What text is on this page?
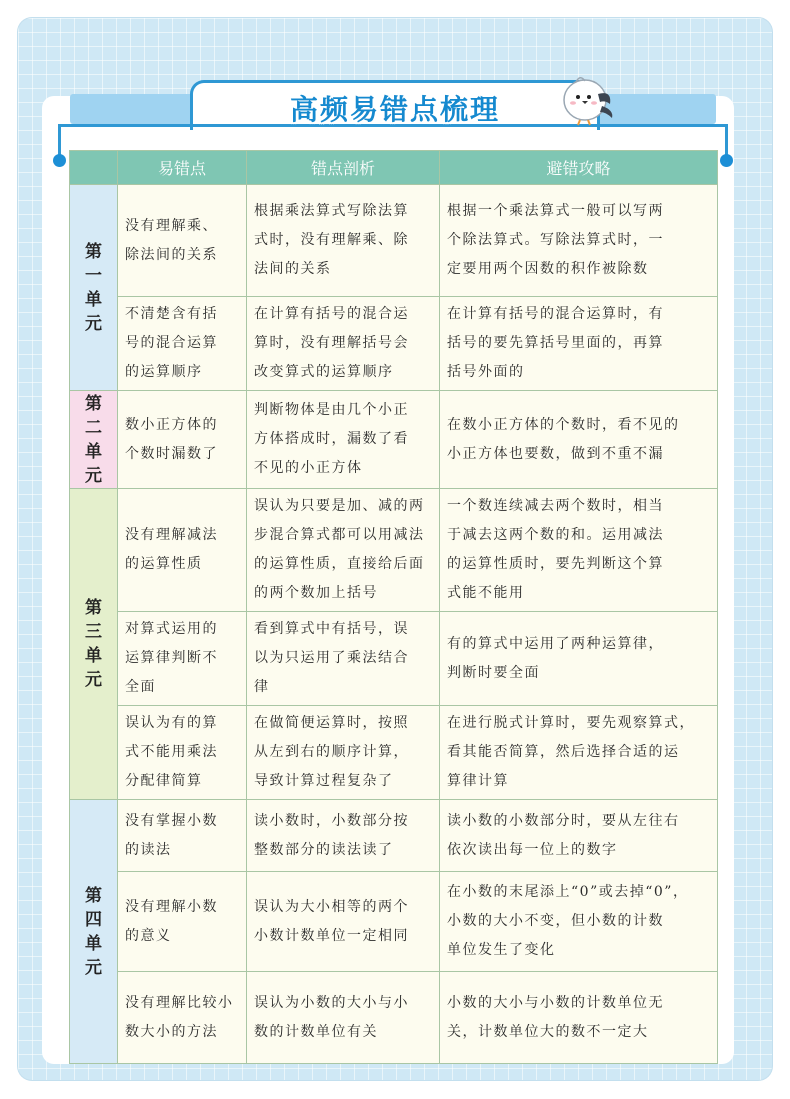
高频易错点梳理
	易错点	错点剖析	避错攻略

第
一
单
元	没有理解乘、
除法间的关系	根据乘法算式写除法算
式时，没有理解乘、除
法间的关系	根据一个乘法算式一般可以写两
个除法算式。写除法算式时，一
定要用两个因数的积作被除数

	不清楚含有括
号的混合运算
的运算顺序	在计算有括号的混合运
算时，没有理解括号会
改变算式的运算顺序	在计算有括号的混合运算时，有
括号的要先算括号里面的，再算
括号外面的

第
二
单
元	数小正方体的
个数时漏数了	判断物体是由几个小正
方体搭成时，漏数了看
不见的小正方体	在数小正方体的个数时，看不见的
小正方体也要数，做到不重不漏

第
三
单
元	没有理解减法
的运算性质	误认为只要是加、减的两
步混合算式都可以用减法
的运算性质，直接给后面
的两个数加上括号	一个数连续减去两个数时，相当
于减去这两个数的和。运用减法
的运算性质时，要先判断这个算
式能不能用

	对算式运用的
运算律判断不
全面	看到算式中有括号，误
以为只运用了乘法结合
律	有的算式中运用了两种运算律，
判断时要全面

	误认为有的算
式不能用乘法
分配律简算	在做简便运算时，按照
从左到右的顺序计算，
导致计算过程复杂了	在进行脱式计算时，要先观察算式，
看其能否简算，然后选择合适的运
算律计算

第
四
单
元	没有掌握小数
的读法	读小数时，小数部分按
整数部分的读法读了	读小数的小数部分时，要从左往右
依次读出每一位上的数字

	没有理解小数
的意义	误认为大小相等的两个
小数计数单位一定相同	在小数的末尾添上“0”或去掉“0”，
小数的大小不变，但小数的计数
单位发生了变化

	没有理解比较小
数大小的方法	误认为小数的大小与小
数的计数单位有关	小数的大小与小数的计数单位无
关，计数单位大的数不一定大
